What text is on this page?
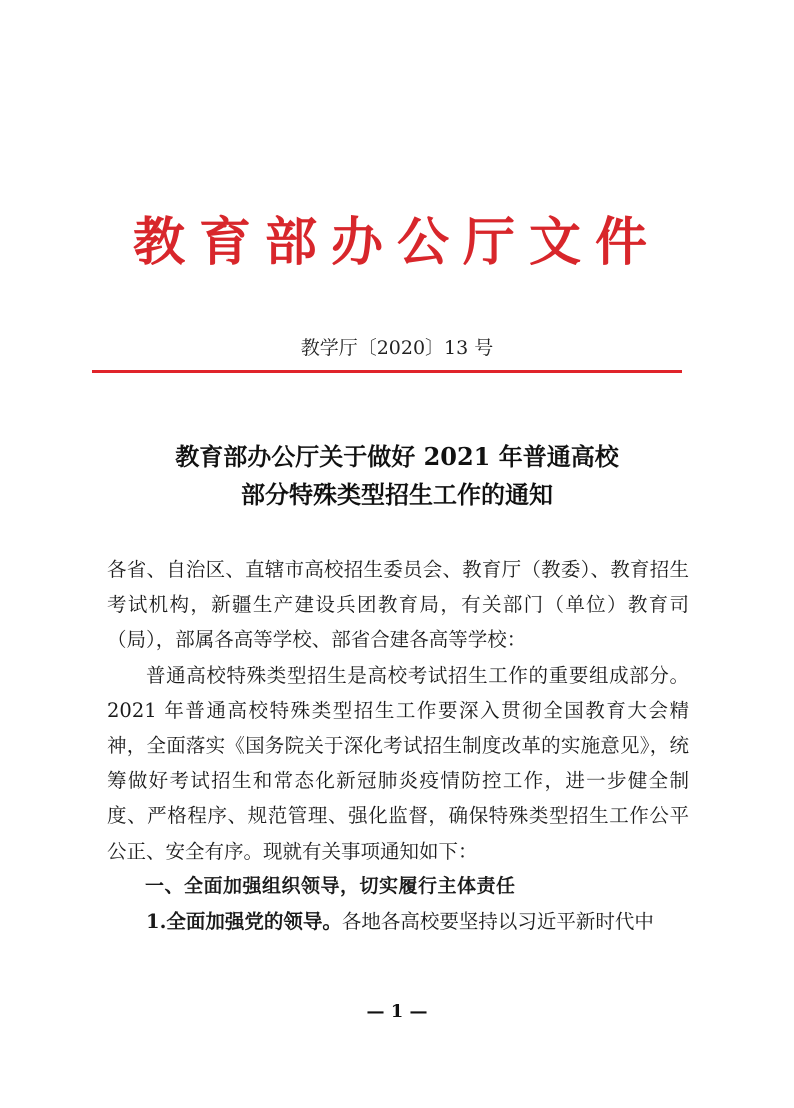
教育部办公厅文件
教学厅〔2020〕13 号
教育部办公厅关于做好 2021 年普通高校
部分特殊类型招生工作的通知

各省、自治区、直辖市高校招生委员会、教育厅（教委）、教育招生考试机构，新疆生产建设兵团教育局，有关部门（单位）教育司（局），部属各高等学校、部省合建各高等学校：

普通高校特殊类型招生是高校考试招生工作的重要组成部分。2021 年普通高校特殊类型招生工作要深入贯彻全国教育大会精神，全面落实《国务院关于深化考试招生制度改革的实施意见》，统筹做好考试招生和常态化新冠肺炎疫情防控工作，进一步健全制度、严格程序、规范管理、强化监督，确保特殊类型招生工作公平公正、安全有序。现就有关事项通知如下：

一、全面加强组织领导，切实履行主体责任

1.全面加强党的领导。各地各高校要坚持以习近平新时代中

— 1 —
